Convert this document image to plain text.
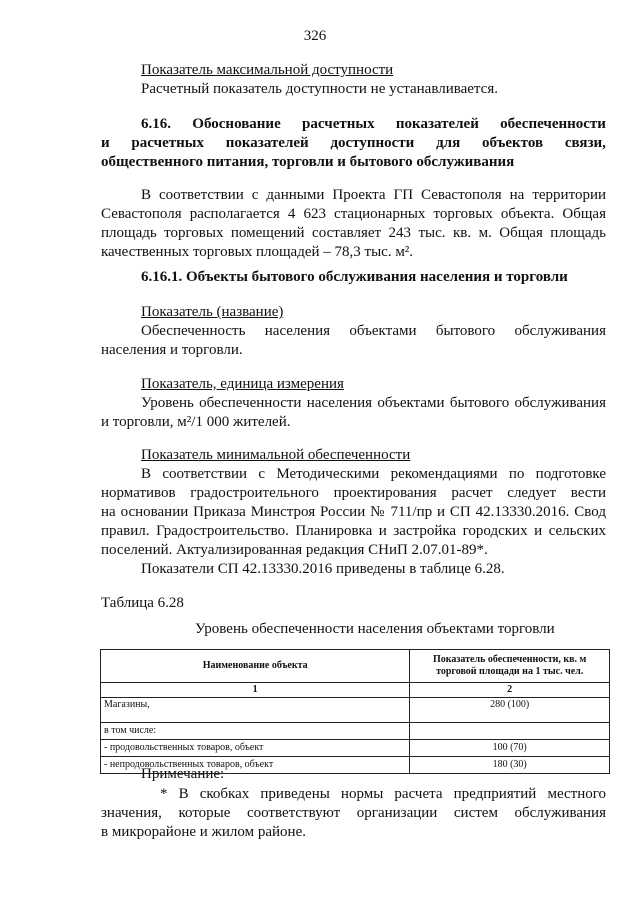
326
Показатель максимальной доступности
Расчетный показатель доступности не устанавливается.
6.16. Обоснование расчетных показателей обеспеченности
и расчетных показателей доступности для объектов связи,
общественного питания, торговли и бытового обслуживания
В соответствии с данными Проекта ГП Севастополя на территории
Севастополя располагается 4 623 стационарных торговых объекта. Общая
площадь торговых помещений составляет 243 тыс. кв. м. Общая площадь
качественных торговых площадей – 78,3 тыс. м².
6.16.1. Объекты бытового обслуживания населения и торговли
Показатель (название)
Обеспеченность населения объектами бытового обслуживания
населения и торговли.
Показатель, единица измерения
Уровень обеспеченности населения объектами бытового обслуживания
и торговли, м²/1 000 жителей.
Показатель минимальной обеспеченности
В соответствии с Методическими рекомендациями по подготовке
нормативов градостроительного проектирования расчет следует вести
на основании Приказа Минстроя России № 711/пр и СП 42.13330.2016. Свод
правил. Градостроительство. Планировка и застройка городских и сельских
поселений. Актуализированная редакция СНиП 2.07.01-89*.
Показатели СП 42.13330.2016 приведены в таблице 6.28.
Таблица 6.28
Уровень обеспеченности населения объектами торговли
Наименование объекта	Показатель обеспеченности, кв. м торговой площади на 1 тыс. чел.
1	2
Магазины,	280 (100)
в том числе:	
- продовольственных товаров, объект	100 (70)
- непродовольственных товаров, объект	180 (30)
Примечание:
* В скобках приведены нормы расчета предприятий местного
значения, которые соответствуют организации систем обслуживания
в микрорайоне и жилом районе.
